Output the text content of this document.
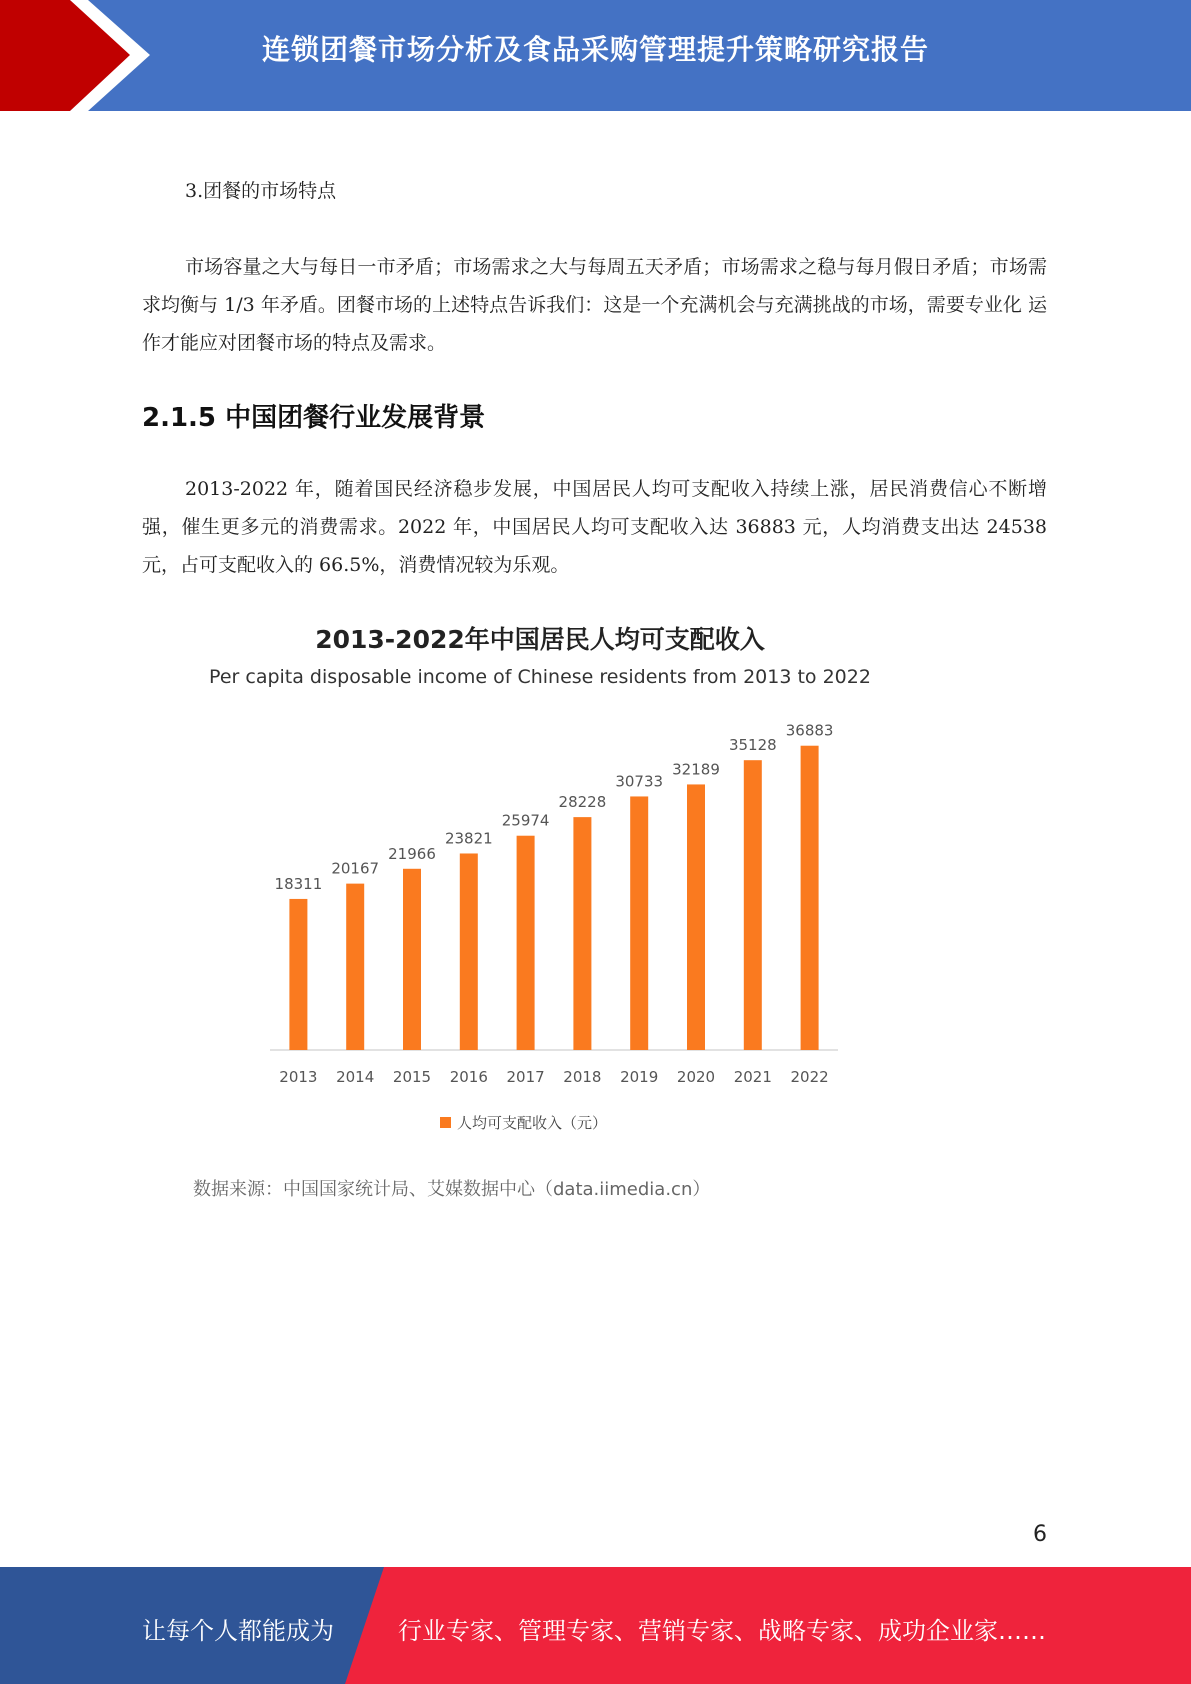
连锁团餐市场分析及食品采购管理提升策略研究报告
3.团餐的市场特点
市场容量之大与每日一市矛盾；市场需求之大与每周五天矛盾；市场需求之稳与每月假日矛盾；市场需求均衡与 1/3 年矛盾。团餐市场的上述特点告诉我们：这是一个充满机会与充满挑战的市场，需要专业化 运作才能应对团餐市场的特点及需求。
2.1.5 中国团餐行业发展背景
2013-2022 年，随着国民经济稳步发展，中国居民人均可支配收入持续上涨，居民消费信心不断增强，催生更多元的消费需求。2022 年，中国居民人均可支配收入达 36883 元，人均消费支出达 24538 元，占可支配收入的 66.5%，消费情况较为乐观。
2013-2022年中国居民人均可支配收入
Per capita disposable income of Chinese residents from 2013 to 2022
18311
2013
20167
2014
21966
2015
23821
2016
25974
2017
28228
2018
30733
2019
32189
2020
35128
2021
36883
2022
人均可支配收入（元）
数据来源：中国国家统计局、艾媒数据中心（data.iimedia.cn）
6
让每个人都能成为	行业专家、管理专家、营销专家、战略专家、成功企业家……
